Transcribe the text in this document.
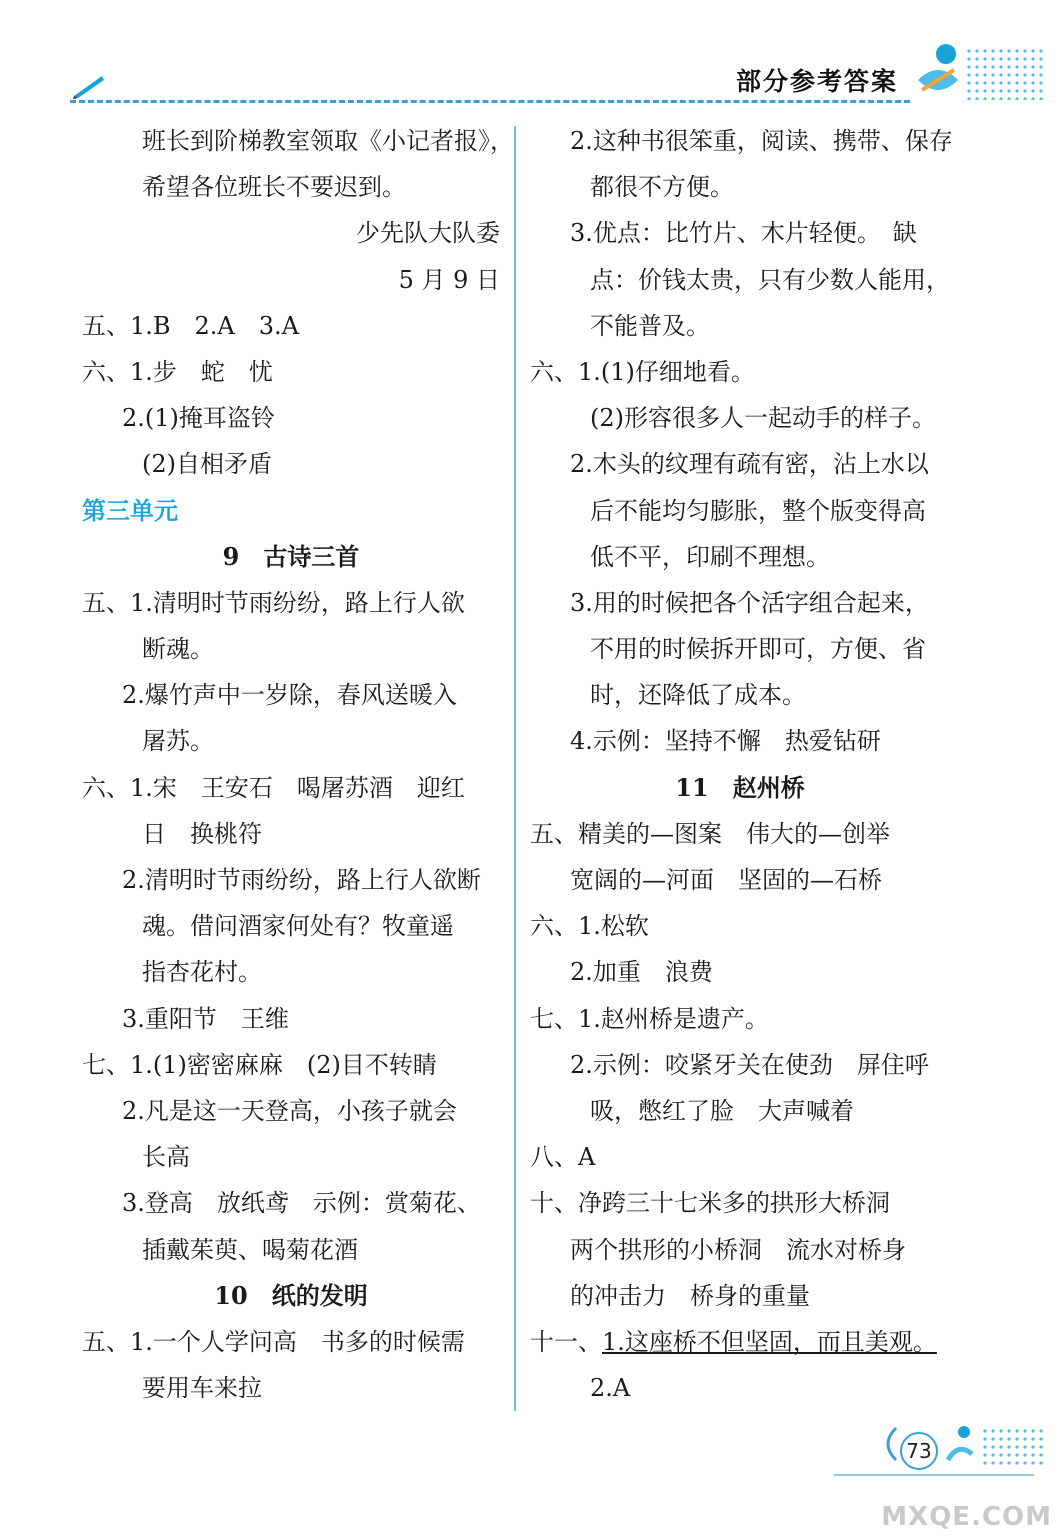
部分参考答案
班长到阶梯教室领取《小记者报》，
希望各位班长不要迟到。
少先队大队委
5 月 9 日
五、1.B　2.A　3.A
六、1.步　蛇　忧
2.(1)掩耳盗铃
(2)自相矛盾
第三单元
9　古诗三首
五、1.清明时节雨纷纷，路上行人欲
断魂。
2.爆竹声中一岁除，春风送暖入
屠苏。
六、1.宋　王安石　喝屠苏酒　迎红
日　换桃符
2.清明时节雨纷纷，路上行人欲断
魂。借问酒家何处有？牧童遥
指杏花村。
3.重阳节　王维
七、1.(1)密密麻麻　(2)目不转睛
2.凡是这一天登高，小孩子就会
长高
3.登高　放纸鸢　示例：赏菊花、
插戴茱萸、喝菊花酒
10　纸的发明
五、1.一个人学问高　书多的时候需
要用车来拉
2.这种书很笨重，阅读、携带、保存
都很不方便。
3.优点：比竹片、木片轻便。　缺
点：价钱太贵，只有少数人能用，
不能普及。
六、1.(1)仔细地看。
(2)形容很多人一起动手的样子。
2.木头的纹理有疏有密，沾上水以
后不能均匀膨胀，整个版变得高
低不平，印刷不理想。
3.用的时候把各个活字组合起来，
不用的时候拆开即可，方便、省
时，还降低了成本。
4.示例：坚持不懈　热爱钻研
11　赵州桥
五、精美的—图案　伟大的—创举
宽阔的—河面　坚固的—石桥
六、1.松软
2.加重　浪费
七、1.赵州桥是遗产。
2.示例：咬紧牙关在使劲　屏住呼
吸，憋红了脸　大声喊着
八、A
十、净跨三十七米多的拱形大桥洞
两个拱形的小桥洞　流水对桥身
的冲击力　桥身的重量
十一、1.这座桥不但坚固，而且美观。
2.A
73
MXQE.COM
